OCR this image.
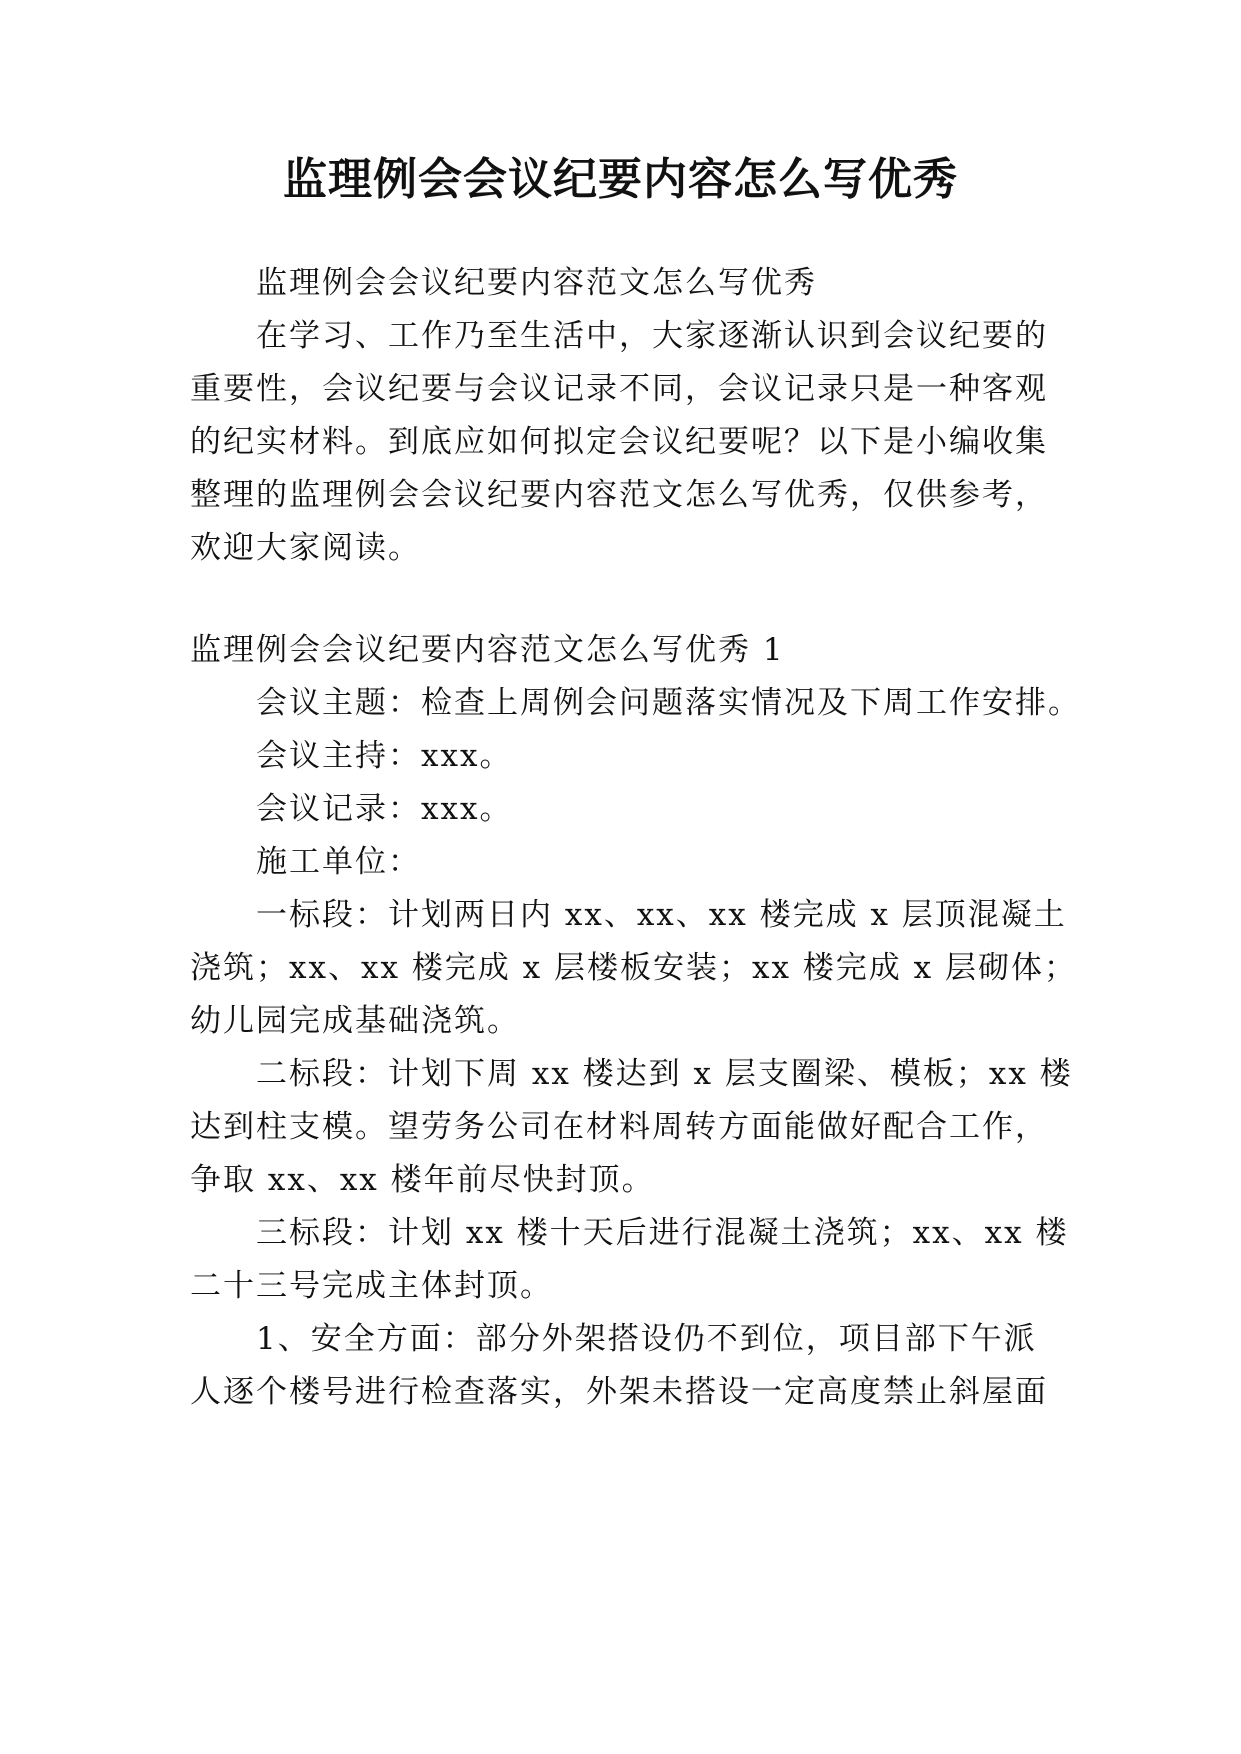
监理例会会议纪要内容怎么写优秀
监理例会会议纪要内容范文怎么写优秀
在学习、工作乃至生活中，大家逐渐认识到会议纪要的
重要性，会议纪要与会议记录不同，会议记录只是一种客观
的纪实材料。到底应如何拟定会议纪要呢？以下是小编收集
整理的监理例会会议纪要内容范文怎么写优秀，仅供参考，
欢迎大家阅读。
监理例会会议纪要内容范文怎么写优秀 1
会议主题：检查上周例会问题落实情况及下周工作安排。
会议主持：xxx。
会议记录：xxx。
施工单位：
一标段：计划两日内 xx、xx、xx 楼完成 x 层顶混凝土
浇筑；xx、xx 楼完成 x 层楼板安装；xx 楼完成 x 层砌体；
幼儿园完成基础浇筑。
二标段：计划下周 xx 楼达到 x 层支圈梁、模板；xx 楼
达到柱支模。望劳务公司在材料周转方面能做好配合工作，
争取 xx、xx 楼年前尽快封顶。
三标段：计划 xx 楼十天后进行混凝土浇筑；xx、xx 楼
二十三号完成主体封顶。
1、安全方面：部分外架搭设仍不到位，项目部下午派
人逐个楼号进行检查落实，外架未搭设一定高度禁止斜屋面
